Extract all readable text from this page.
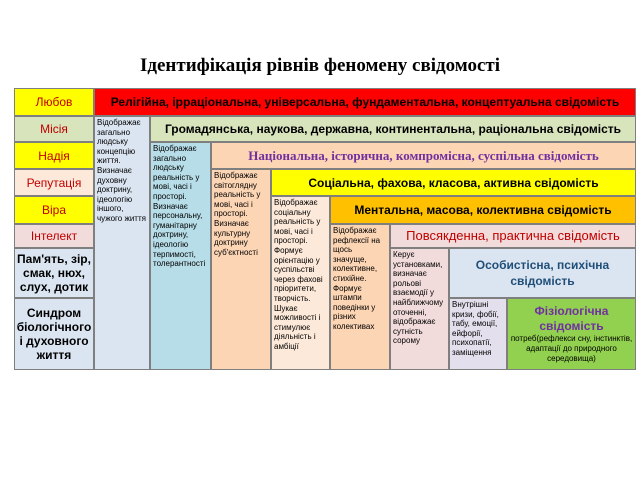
Ідентифікація рівнів феномену свідомості
Любов
Місія
Надія
Репутація
Віра
Інтелект
Пам'ять, зір, смак, нюх, слух, дотик
Синдром біологічного і духовного життя
Релігійна, ірраціональна, універсальна, фундаментальна, концептуальна свідомість
Громадянська, наукова, державна, континентальна, раціональна свідомість
Національна, історична, компромісна, суспільна свідомість
Соціальна, фахова, класова, активна свідомість
Ментальна, масова, колективна свідомість
Повсякденна, практична свідомість
Особистісна, психічна свідомість
Фізіологічна свідомість
потреб(рефлекси сну, інстинктів, адаптації до природного середовища)
Відображає загально людську концепцію життя. Визначає духовну доктрину, ідеологію іншого, чужого життя
Відображає загально людську реальність у мові, часі і просторі. Визначає персональну, гуманітарну доктрину, ідеологію терпимості, толерантності
Відображає світоглядну реальність у мові, часі і просторі. Визначає культурну доктрину суб'єктності
Відображає соціальну реальність у мові, часі і просторі. Формує орієнтацію у суспільстві через фахові пріоритети, творчість. Шукає можливості і стимулює діяльність і амбіції
Відображає рефлексії на щось значуще, колективне, стихійне. Формує штампи поведінки у різних колективах
Керує установками, визначає рольові взаємодії у найближчому оточенні, відображає сутність сорому
Внутрішні кризи, фобії, табу, емоції, ейфорії, психопатії, заміщення
